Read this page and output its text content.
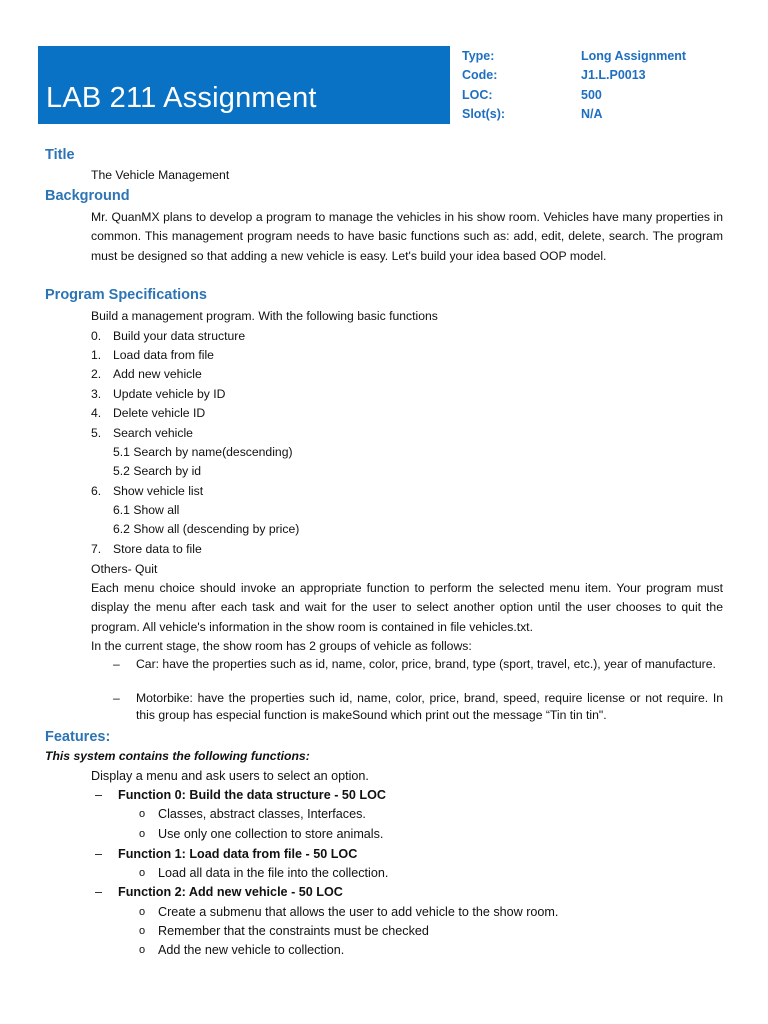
LAB 211 Assignment
Type:	Long Assignment
Code:	J1.L.P0013
LOC:	500
Slot(s):	N/A
Title
The Vehicle Management
Background
Mr. QuanMX plans to develop a program to manage the vehicles in his show room. Vehicles have many properties in common. This management program needs to have basic functions such as: add, edit, delete, search. The program must be designed so that adding a new vehicle is easy. Let's build your idea based OOP model.
Program Specifications
Build a management program. With the following basic functions
0. Build your data structure
1. Load data from file
2. Add new vehicle
3. Update vehicle by ID
4. Delete vehicle ID
5. Search vehicle
5.1 Search by name(descending)
5.2 Search by id
6. Show vehicle list
6.1 Show all
6.2 Show all (descending by price)
7. Store data to file
Others- Quit
Each menu choice should invoke an appropriate function to perform the selected menu item. Your program must display the menu after each task and wait for the user to select another option until the user chooses to quit the program. All vehicle's information in the show room is contained in file vehicles.txt.
In the current stage, the show room has 2 groups of vehicle as follows:
– Car: have the properties such as id, name, color, price, brand, type (sport, travel, etc.), year of manufacture.
– Motorbike: have the properties such id, name, color, price, brand, speed, require license or not require. In this group has especial function is makeSound which print out the message “Tin tin tin".
Features:
This system contains the following functions:
Display a menu and ask users to select an option.
– Function 0: Build the data structure - 50 LOC
o Classes, abstract classes, Interfaces.
o Use only one collection to store animals.
– Function 1: Load data from file - 50 LOC
o Load all data in the file into the collection.
– Function 2: Add new vehicle - 50 LOC
o Create a submenu that allows the user to add vehicle to the show room.
o Remember that the constraints must be checked
o Add the new vehicle to collection.
